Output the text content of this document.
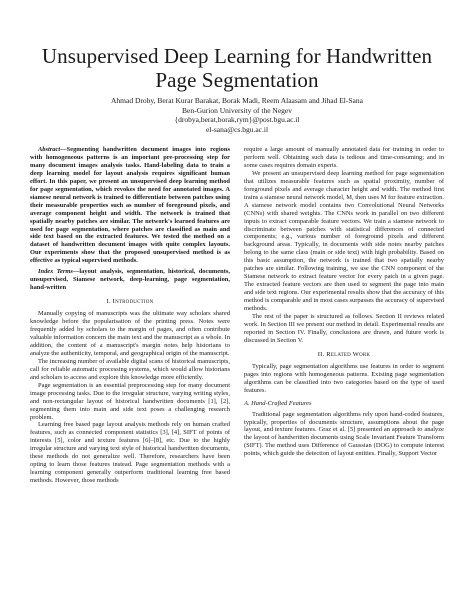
Unsupervised Deep Learning for Handwritten Page Segmentation
Ahmad Droby, Berat Kurar Barakat, Borak Madi, Reem Alaasam and Jihad El-Sana
Ben-Gurion University of the Negev
{drobya,berat,borak,rym}@post.bgu.ac.il
el-sana@cs.bgu.ac.il

Abstract—Segmenting handwritten document images into regions with homogeneous patterns is an important pre-processing step for many document images analysis tasks. Hand-labeling data to train a deep learning model for layout analysis requires significant human effort. In this paper, we present an unsupervised deep learning method for page segmentation, which revokes the need for annotated images. A siamese neural network is trained to differentiate between patches using their measurable properties such as number of foreground pixels, and average component height and width. The network is trained that spatially nearby patches are similar. The network's learned features are used for page segmentation, where patches are classified as main and side text based on the extracted features. We tested the method on a dataset of handwritten document images with quite complex layouts. Our experiments show that the proposed unsupervised method is as effective as typical supervised methods.

Index Terms—layout analysis, segmentation, historical, documents, unsupervised, Siamese network, deep-learning, page segmentation, hand-written

I. Introduction

Manually copying of manuscripts was the ultimate way scholars shared knowledge before the popularisation of the printing press. Notes were frequently added by scholars to the margin of pages, and often contribute valuable information concern the main text and the manuscript as a whole. In addition, the content of a manuscript's margin notes help historians to analyze the authenticity, temporal, and geographical origin of the manuscript.

The increasing number of available digital scans of historical manuscripts, call for reliable automatic processing systems, which would allow historians and scholars to access and explore this knowledge more efficiently.

Page segmentation is an essential preprocessing step for many document image processing tasks. Due to the irregular structure, varying writing styles, and non-rectangular layout of historical handwritten documents [1], [2], segmenting them into main and side text poses a challenging research problem.

Learning free based page layout analysis methods rely on human crafted features, such as connected component statistics [3], [4], SIFT of points of interests [5], color and texture features [6]–[8], etc. Due to the highly irregular structure and varying text style of historical handwritten documents, these methods do not generalize well. Therefore, researchers have been opting to learn those features instead. Page segmentation methods with a learning component generally outperform traditional learning free based methods. However, those methods

require a large amount of manually annotated data for training in order to perform well. Obtaining such data is tedious and time-consuming; and in some cases requires domain experts.

We present an unsupervised deep learning method for page segmentation that utilizes measurable features such as spatial proximity, number of foreground pixels and average character height and width. The method first trains a siamese neural network model, M, then uses M for feature extraction. A siamese network model contains two Convolutional Neural Networks (CNNs) with shared weights. The CNNs work in parallel on two different inputs to extract comparable feature vectors. We train a siamese network to discriminate between patches with statistical differences of connected components; e.g., various number of foreground pixels and different background areas. Typically, in documents with side notes nearby patches belong to the same class (main or side text) with high probability. Based on this basic assumption, the network is trained that two spatially nearby patches are similar. Following training, we use the CNN component of the Siamese network to extract feature vector for every patch in a given page. The extracted feature vectors are then used to segment the page into main and side text regions. Our experimental results show that the accuracy of this method is comparable and in most cases surpasses the accuracy of supervised methods.

The rest of the paper is structured as follows. Section II reviews related work. In Section III we present our method in detail. Experimental results are reported in Section IV. Finally, conclusions are drawn, and future work is discussed in Section V.

II. Related Work

Typically, page segmentation algorithms use features in order to segment pages into regions with homogeneous patterns. Existing page segmentation algorithms can be classified into two categories based on the type of used features.

A. Hand-Crafted Features

Traditional page segmentation algorithms rely upon hand-coded features, typically, properties of documents structure, assumptions about the page layout, and texture features. Graz et al. [5] presented an approach to analyze the layout of handwritten documents using Scale Invariant Feature Transform (SIFT). The method uses Difference of Gaussian (DOG) to compute interest points, which guide the detection of layout entities. Finally, Support Vector
